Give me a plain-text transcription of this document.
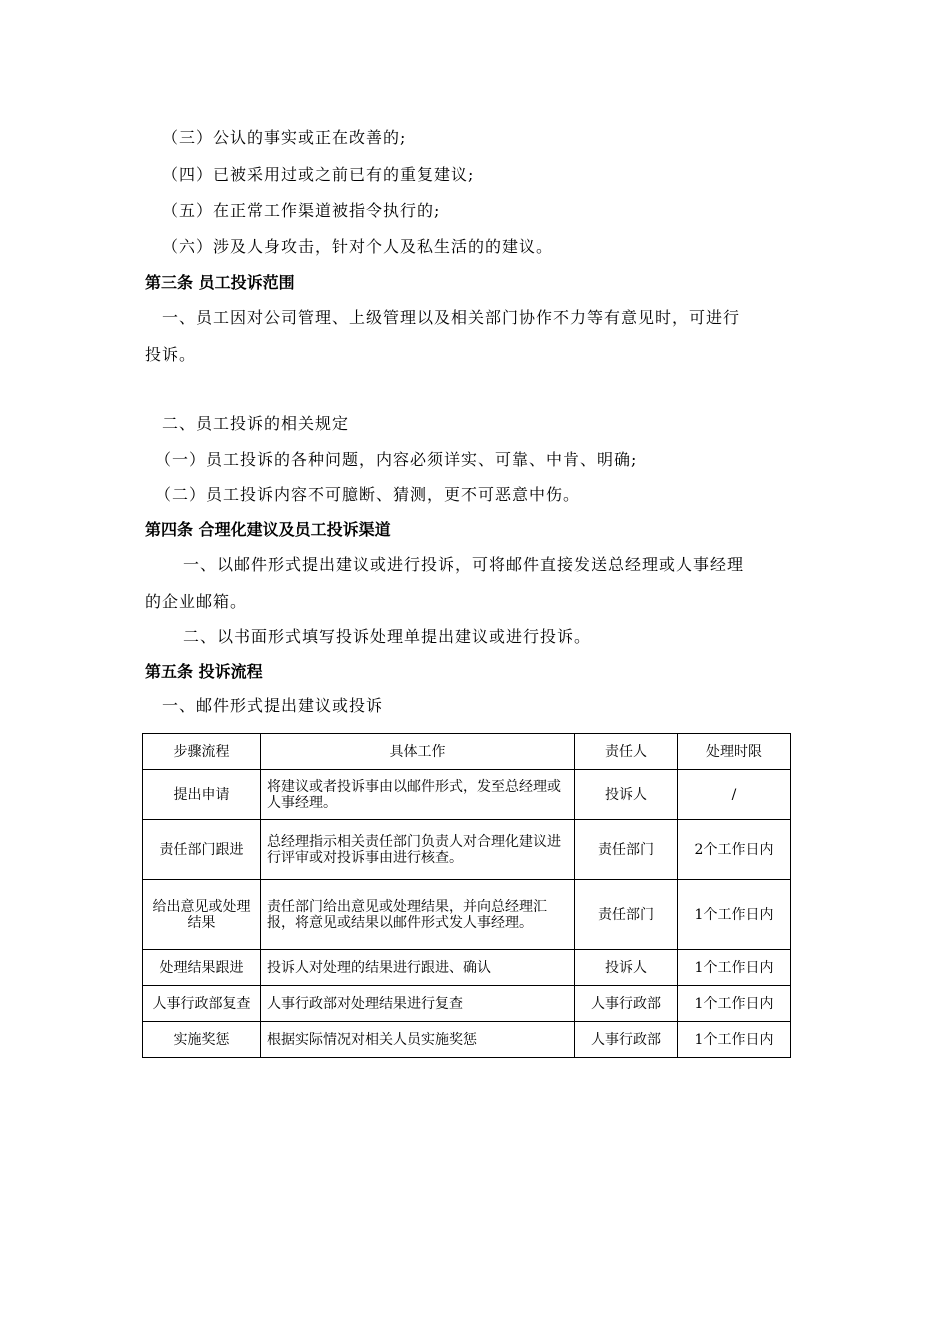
（三）公认的事实或正在改善的;
（四）已被采用过或之前已有的重复建议;
（五）在正常工作渠道被指令执行的;
（六）涉及人身攻击，针对个人及私生活的的建议。
第三条 员工投诉范围
一、员工因对公司管理、上级管理以及相关部门协作不力等有意见时，可进行
投诉。
二、员工投诉的相关规定
（一）员工投诉的各种问题，内容必须详实、可靠、中肯、明确;
（二）员工投诉内容不可臆断、猜测，更不可恶意中伤。
第四条 合理化建议及员工投诉渠道
一、以邮件形式提出建议或进行投诉，可将邮件直接发送总经理或人事经理
的企业邮箱。
二、以书面形式填写投诉处理单提出建议或进行投诉。
第五条 投诉流程
一、邮件形式提出建议或投诉
步骤流程	具体工作	责任人	处理时限
提出申请	将建议或者投诉事由以邮件形式，发至总经理或人事经理。	投诉人	/
责任部门跟进	总经理指示相关责任部门负责人对合理化建议进行评审或对投诉事由进行核查。	责任部门	2个工作日内
给出意见或处理结果	责任部门给出意见或处理结果，并向总经理汇报，将意见或结果以邮件形式发人事经理。	责任部门	1个工作日内
处理结果跟进	投诉人对处理的结果进行跟进、确认	投诉人	1个工作日内
人事行政部复查	人事行政部对处理结果进行复查	人事行政部	1个工作日内
实施奖惩	根据实际情况对相关人员实施奖惩	人事行政部	1个工作日内
